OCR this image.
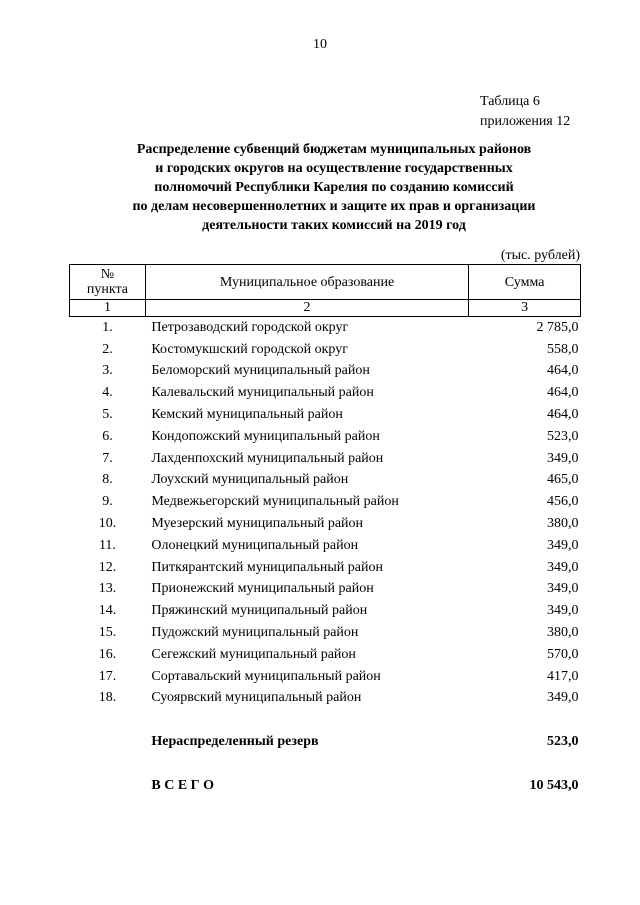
10
Таблица 6
приложения 12
Распределение субвенций бюджетам муниципальных районов
и городских округов на осуществление государственных
полномочий Республики Карелия по созданию комиссий
по делам несовершеннолетних и защите их прав и организации
деятельности таких комиссий на 2019 год
(тыс. рублей)
№
пункта	Муниципальное образование	Сумма
1	2	3
1.	Петрозаводский городской округ	2 785,0
2.	Костомукшский городской округ	558,0
3.	Беломорский муниципальный район	464,0
4.	Калевальский муниципальный район	464,0
5.	Кемский муниципальный район	464,0
6.	Кондопожский муниципальный район	523,0
7.	Лахденпохский муниципальный район	349,0
8.	Лоухский муниципальный район	465,0
9.	Медвежьегорский муниципальный район	456,0
10.	Муезерский муниципальный район	380,0
11.	Олонецкий муниципальный район	349,0
12.	Питкярантский муниципальный район	349,0
13.	Прионежский муниципальный район	349,0
14.	Пряжинский муниципальный район	349,0
15.	Пудожский муниципальный район	380,0
16.	Сегежский муниципальный район	570,0
17.	Сортавальский муниципальный район	417,0
18.	Суоярвский муниципальный район	349,0

	Нераспределенный резерв	523,0

	В С Е Г О	10 543,0
